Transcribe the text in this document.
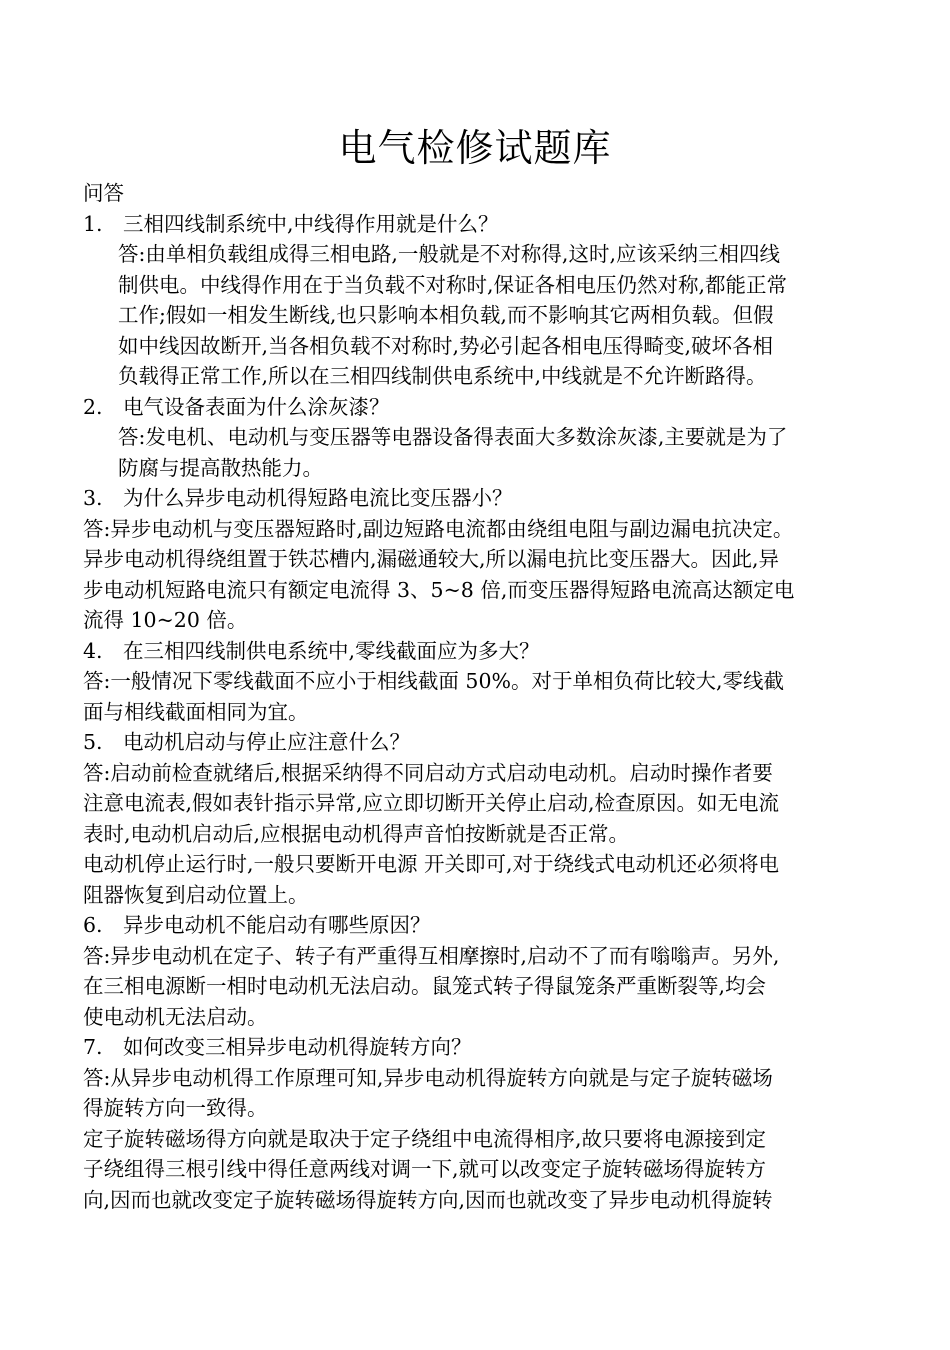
电气检修试题库
问答
1. 三相四线制系统中,中线得作用就是什么？
答:由单相负载组成得三相电路,一般就是不对称得,这时,应该采纳三相四线
制供电。中线得作用在于当负载不对称时,保证各相电压仍然对称,都能正常
工作;假如一相发生断线,也只影响本相负载,而不影响其它两相负载。但假
如中线因故断开,当各相负载不对称时,势必引起各相电压得畸变,破坏各相
负载得正常工作,所以在三相四线制供电系统中,中线就是不允许断路得。
2. 电气设备表面为什么涂灰漆？
答:发电机、电动机与变压器等电器设备得表面大多数涂灰漆,主要就是为了
防腐与提高散热能力。
3. 为什么异步电动机得短路电流比变压器小？
答:异步电动机与变压器短路时,副边短路电流都由绕组电阻与副边漏电抗决定。
异步电动机得绕组置于铁芯槽内,漏磁通较大,所以漏电抗比变压器大。因此,异
步电动机短路电流只有额定电流得 3、5~8 倍,而变压器得短路电流高达额定电
流得 10~20 倍。
4. 在三相四线制供电系统中,零线截面应为多大？
答:一般情况下零线截面不应小于相线截面 50%。对于单相负荷比较大,零线截
面与相线截面相同为宜。
5. 电动机启动与停止应注意什么？
答:启动前检查就绪后,根据采纳得不同启动方式启动电动机。启动时操作者要
注意电流表,假如表针指示异常,应立即切断开关停止启动,检查原因。如无电流
表时,电动机启动后,应根据电动机得声音怕按断就是否正常。
电动机停止运行时,一般只要断开电源 开关即可,对于绕线式电动机还必须将电
阻器恢复到启动位置上。
6. 异步电动机不能启动有哪些原因？
答:异步电动机在定子、转子有严重得互相摩擦时,启动不了而有嗡嗡声。另外,
在三相电源断一相时电动机无法启动。鼠笼式转子得鼠笼条严重断裂等,均会
使电动机无法启动。
7. 如何改变三相异步电动机得旋转方向？
答:从异步电动机得工作原理可知,异步电动机得旋转方向就是与定子旋转磁场
得旋转方向一致得。
定子旋转磁场得方向就是取决于定子绕组中电流得相序,故只要将电源接到定
子绕组得三根引线中得任意两线对调一下,就可以改变定子旋转磁场得旋转方
向,因而也就改变定子旋转磁场得旋转方向,因而也就改变了异步电动机得旋转
